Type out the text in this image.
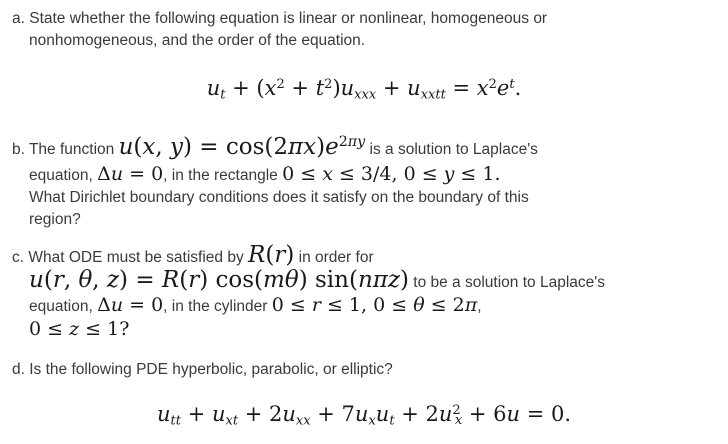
a. State whether the following equation is linear or nonlinear, homogeneous or
nonhomogeneous, and the order of the equation.
$u_t + (x^2 + t^2)u_{xxx} + u_{xxtt} = x^2e^t$.
b. The function u(x, $y) = \cos(2\pi x)e^{2\pi y}$ is a solution to Laplace's
equation, Δu = 0, in the rectangle 0 ≤ x ≤ 3/4, 0 ≤ y ≤ 1.
What Dirichlet boundary conditions does it satisfy on the boundary of this
region?
c. What ODE must be satisfied by R(r) in order for
u(r, θ, z) = R(r) cos(mθ) sin(nπz) to be a solution to Laplace's
equation, Δu = 0, in the cylinder 0 ≤ r ≤ 1, 0 ≤ θ ≤ 2π,
0 ≤ z ≤ 1?
d. Is the following PDE hyperbolic, parabolic, or elliptic?
$u_{tt} + u_{xt} + 2u_{xx} + 7u_xu_t + 2u^2_x + 6u = 0$.
